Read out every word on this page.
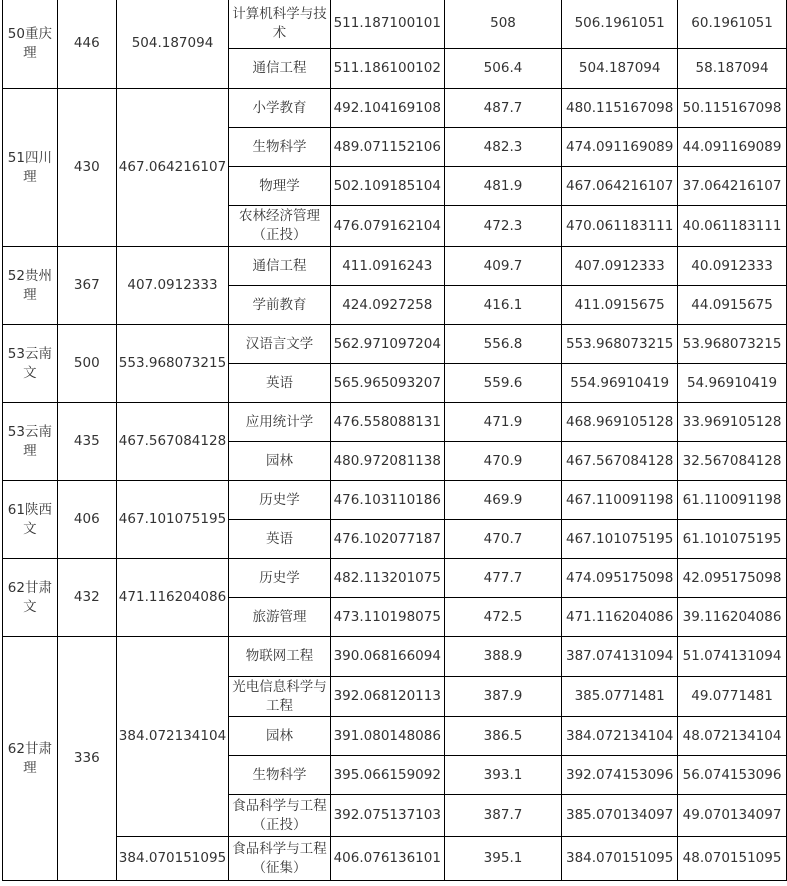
50重庆理	446	504.187094	计算机科学与技术	511.187100101	508	506.1961051	60.1961051
			通信工程	511.186100102	506.4	504.187094	58.187094
51四川理	430	467.064216107	小学教育	492.104169108	487.7	480.115167098	50.115167098
			生物科学	489.071152106	482.3	474.091169089	44.091169089
			物理学	502.109185104	481.9	467.064216107	37.064216107
			农林经济管理（正投）	476.079162104	472.3	470.061183111	40.061183111
52贵州理	367	407.0912333	通信工程	411.0916243	409.7	407.0912333	40.0912333
			学前教育	424.0927258	416.1	411.0915675	44.0915675
53云南文	500	553.968073215	汉语言文学	562.971097204	556.8	553.968073215	53.968073215
			英语	565.965093207	559.6	554.96910419	54.96910419
53云南理	435	467.567084128	应用统计学	476.558088131	471.9	468.969105128	33.969105128
			园林	480.972081138	470.9	467.567084128	32.567084128
61陕西文	406	467.101075195	历史学	476.103110186	469.9	467.110091198	61.110091198
			英语	476.102077187	470.7	467.101075195	61.101075195
62甘肃文	432	471.116204086	历史学	482.113201075	477.7	474.095175098	42.095175098
			旅游管理	473.110198075	472.5	471.116204086	39.116204086
62甘肃理	336	384.072134104	物联网工程	390.068166094	388.9	387.074131094	51.074131094
			光电信息科学与工程	392.068120113	387.9	385.0771481	49.0771481
			园林	391.080148086	386.5	384.072134104	48.072134104
			生物科学	395.066159092	393.1	392.074153096	56.074153096
			食品科学与工程（正投）	392.075137103	387.7	385.070134097	49.070134097
		384.070151095	食品科学与工程（征集）	406.076136101	395.1	384.070151095	48.070151095
